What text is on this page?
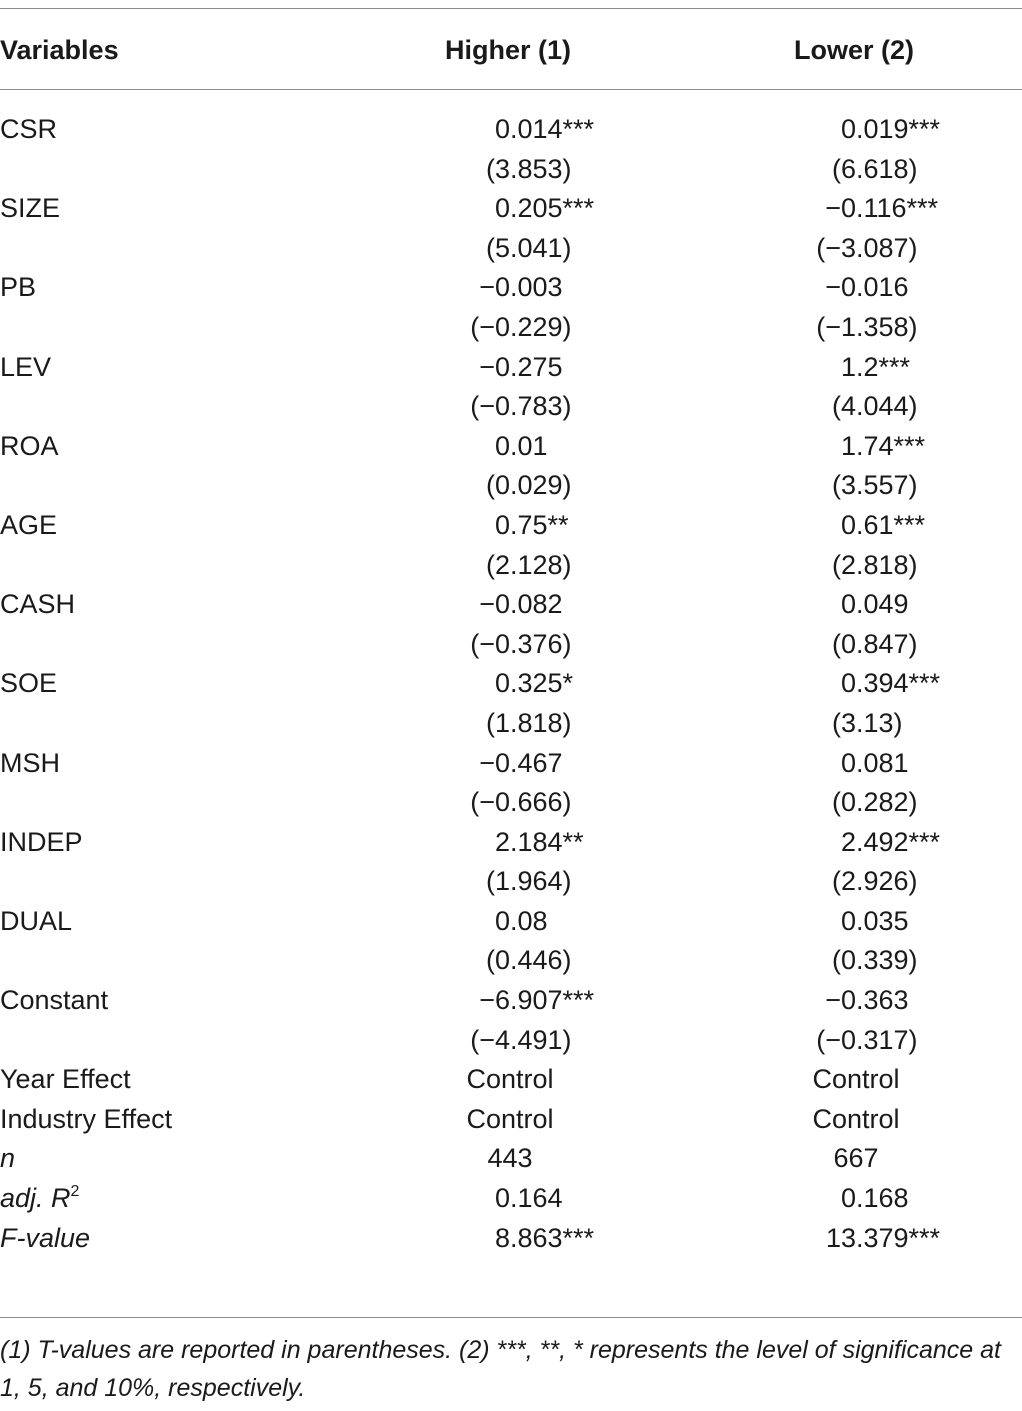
Variables	Higher (1)	Lower (2)
CSR	0.014***	0.019***
(3.853)	(6.618)
SIZE	0.205***	−0.116***
(5.041)	(−3.087)
PB	−0.003	−0.016
(−0.229)	(−1.358)
LEV	−0.275	1.2***
(−0.783)	(4.044)
ROA	0.01	1.74***
(0.029)	(3.557)
AGE	0.75**	0.61***
(2.128)	(2.818)
CASH	−0.082	0.049
(−0.376)	(0.847)
SOE	0.325*	0.394***
(1.818)	(3.13)
MSH	−0.467	0.081
(−0.666)	(0.282)
INDEP	2.184**	2.492***
(1.964)	(2.926)
DUAL	0.08	0.035
(0.446)	(0.339)
Constant	−6.907***	−0.363
(−4.491)	(−0.317)
Year Effect	Control	Control
Industry Effect	Control	Control
n	443	667
adj. $R^2$	0.164	0.168
F-value	8.863***	13.379***
(1) T-values are reported in parentheses. (2) ***, **, * represents the level of significance at 1, 5, and 10%, respectively.
